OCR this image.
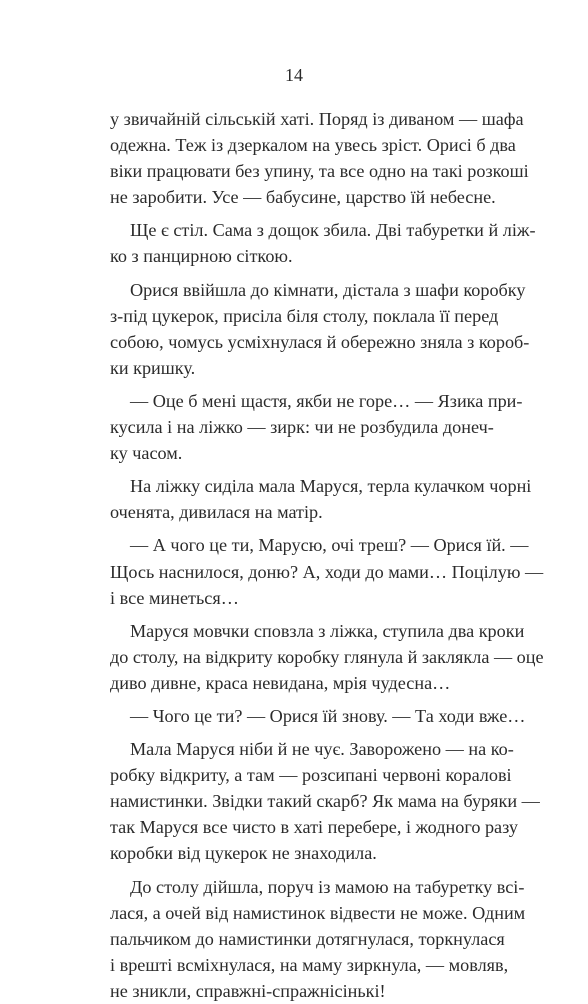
14
у звичайній сільській хаті. Поряд із диваном — шафа
одежна. Теж із дзеркалом на увесь зріст. Орисі б два
віки працювати без упину, та все одно на такі розкоші
не заробити. Усе — бабусине, царство їй небесне.
Ще є стіл. Сама з дощок збила. Дві табуретки й ліж-
ко з панцирною сіткою.
Орися ввійшла до кімнати, дістала з шафи коробку
з-під цукерок, присіла біля столу, поклала її перед
собою, чомусь усміхнулася й обережно зняла з короб-
ки кришку.
— Оце б мені щастя, якби не горе… — Язика при-
кусила і на ліжко — зирк: чи не розбудила донеч-
ку часом.
На ліжку сиділа мала Маруся, терла кулачком чорні
оченята, дивилася на матір.
— А чого це ти, Марусю, очі треш? — Орися їй. —
Щось наснилося, доню? А, ходи до мами… Поцілую —
і все минеться…
Маруся мовчки сповзла з ліжка, ступила два кроки
до столу, на відкриту коробку глянула й заклякла — оце
диво дивне, краса невидана, мрія чудесна…
— Чого це ти? — Орися їй знову. — Та ходи вже…
Мала Маруся ніби й не чує. Заворожено — на ко-
робку відкриту, а там — розсипані червоні коралові
намистинки. Звідки такий скарб? Як мама на буряки —
так Маруся все чисто в хаті перебере, і жодного разу
коробки від цукерок не знаходила.
До столу дійшла, поруч із мамою на табуретку всі-
лася, а очей від намистинок відвести не може. Одним
пальчиком до намистинки дотягнулася, торкнулася
і врешті всміхнулася, на маму зиркнула, — мовляв,
не зникли, справжні-спражнісінькі!
